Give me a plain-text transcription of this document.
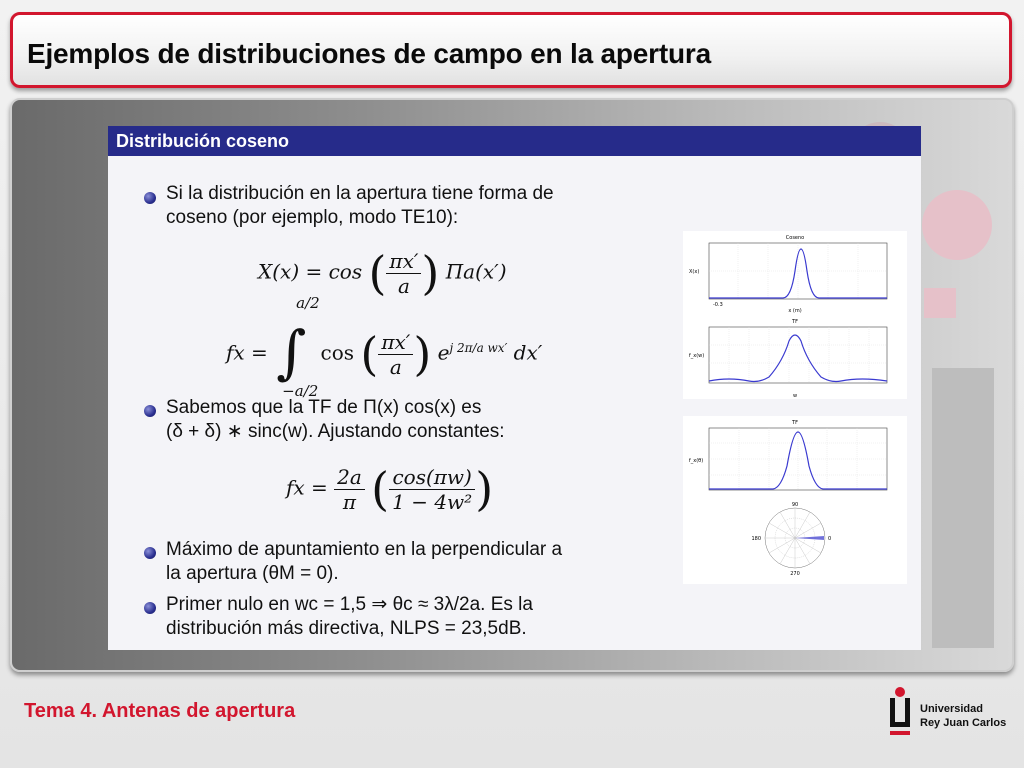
Ejemplos de distribuciones de campo en la apertura
Distribución coseno
Si la distribución en la apertura tiene forma de
coseno (por ejemplo, modo TE10):
X(x) = cos ( $\frac{\pi x'}{a}$ ) Πa(x′)
fx = ∫
a/2
−a/2
cos ( $\frac{\pi x'}{a}$ ) $e^{j 2\pi/a wx'}$ dx′
Sabemos que la TF de Π(x) cos(x) es
(δ + δ) ∗ sinc(w). Ajustando constantes:
fx = $\frac{2a}{\pi}$ ( $\frac{\cos(\pi w)}{\text{1 − 4w²}}$ )
Máximo de apuntamiento en la perpendicular a
la apertura (θM = 0).
Primer nulo en wc = 1,5 ⇒ θc ≈ 3λ/2a. Es la
distribución más directiva, NLPS = 23,5dB.
Coseno
-0.3
x (m)
X(x)
TF
w
f_x(w)
TF
f_x(θ)
90
180	0
270
Tema 4. Antenas de apertura	Universidad
Rey Juan Carlos
